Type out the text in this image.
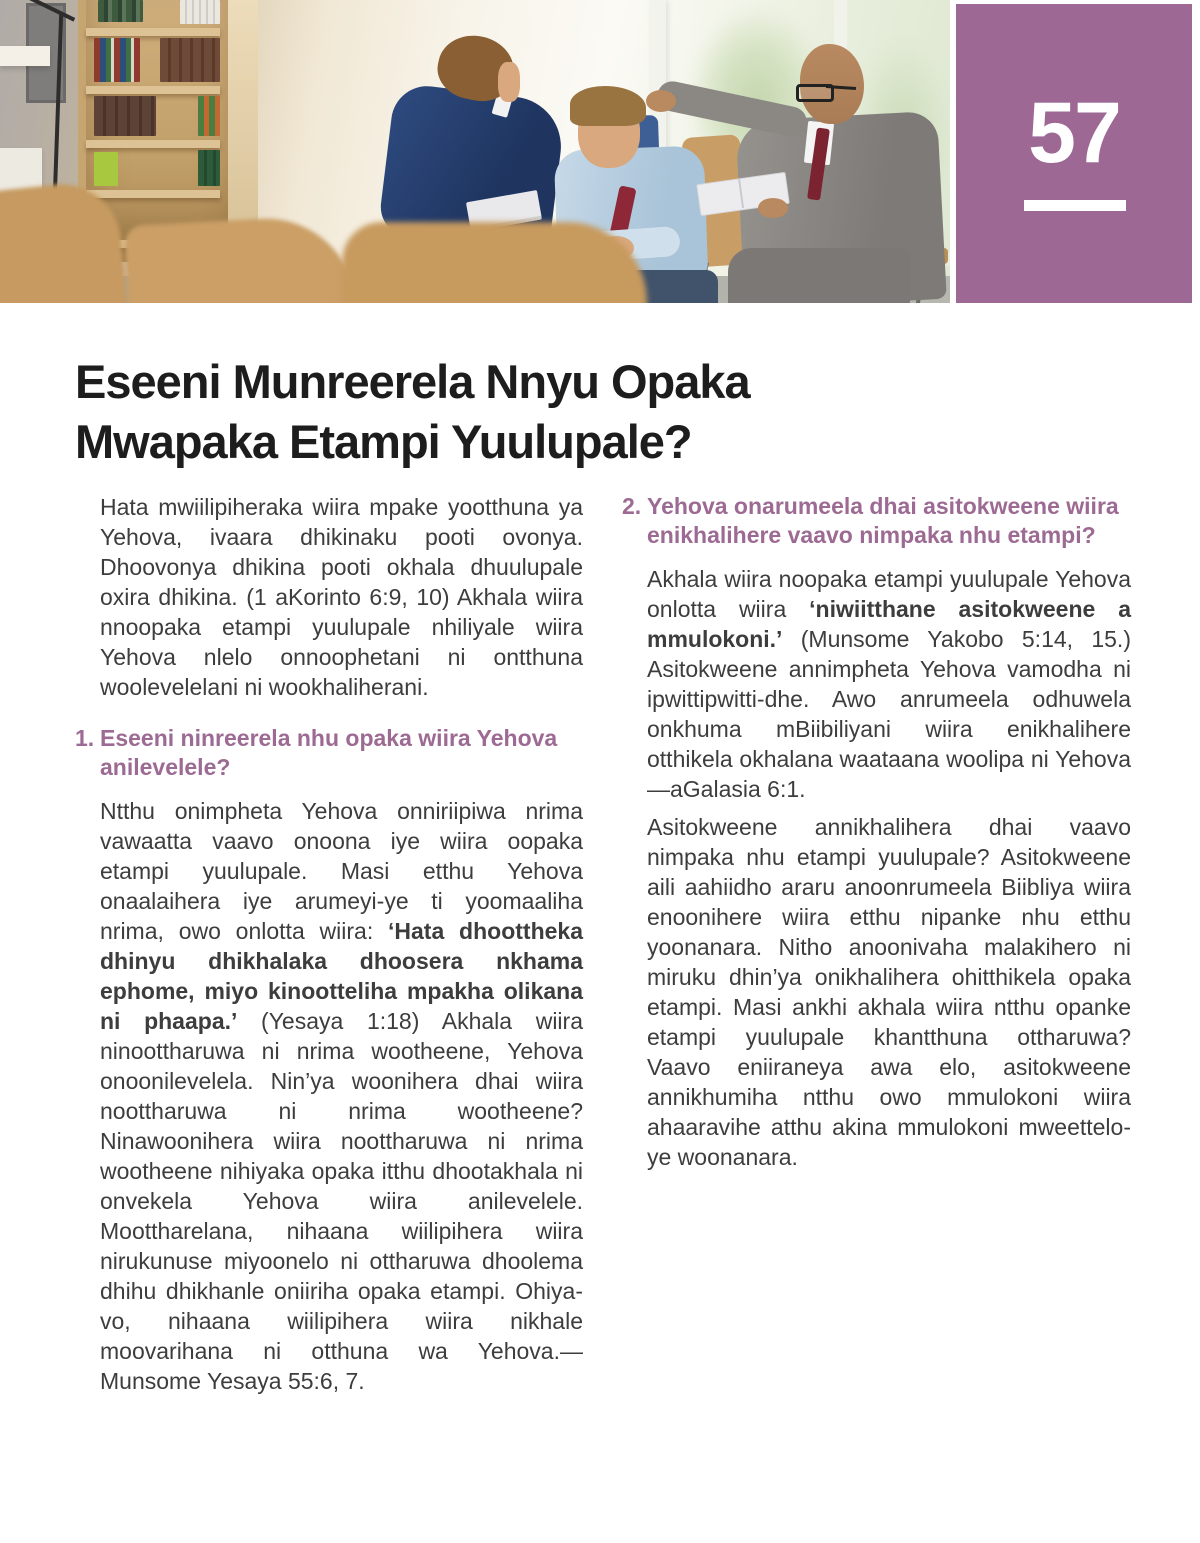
57
Eseeni Munreerela Nnyu Opaka
Mwapaka Etampi Yuulupale?

Hata mwiilipiheraka wiira mpake yootthuna ya Yehova, ivaara dhikinaku pooti ovonya. Dhoovonya dhikina pooti okhala dhuulupale oxira dhikina. (1 aKorinto 6:9, 10) Akhala wiira nnoopaka etampi yuulupale nhiliyale wiira Yehova nlelo onnoophetani ni ontthuna woolevelelani ni wookhaliherani.

1. Eseeni ninreerela nhu opaka wiira Yehova anilevelele?

Ntthu onimpheta Yehova onniriipiwa nrima vawaatta vaavo onoona iye wiira oopaka etampi yuulupale. Masi etthu Yehova onaalaihera iye arumeyi-ye ti yoomaaliha nrima, owo onlotta wiira: ‘Hata dhoottheka dhinyu dhikhalaka dhoosera nkhama ephome, miyo kinootteliha mpakha olikana ni phaapa.’ (Yesaya 1:18) Akhala wiira ninoottharuwa ni nrima wootheene, Yehova onoonilevelela. Nin’ya woonihera dhai wiira noottharuwa ni nrima wootheene? Ninawoonihera wiira noottharuwa ni nrima wootheene nihiyaka opaka itthu dhootakhala ni onvekela Yehova wiira anilevelele. Moottharelana, nihaana wiilipihera wiira nirukunuse miyoonelo ni ottharuwa dhoolema dhihu dhikhanle oniiriha opaka etampi. Ohiya-vo, nihaana wiilipihera wiira nikhale moovarihana ni otthuna wa Yehova.—Munsome Yesaya 55:6, 7.

2. Yehova onarumeela dhai asitokweene wiira enikhalihere vaavo nimpaka nhu etampi?

Akhala wiira noopaka etampi yuulupale Yehova onlotta wiira ‘niwiitthane asitokweene a mmulokoni.’ (Munsome Yakobo 5:14, 15.) Asitokweene annimpheta Yehova vamodha ni ipwittipwitti-dhe. Awo anrumeela odhuwela onkhuma mBiibiliyani wiira enikhalihere otthikela okhalana waataana woolipa ni Yehova—aGalasia 6:1.

Asitokweene annikhalihera dhai vaavo nimpaka nhu etampi yuulupale? Asitokweene aili aahiidho araru anoonrumeela Biibliya wiira enoonihere wiira etthu nipanke nhu etthu yoonanara. Nitho anoonivaha malakihero ni miruku dhin’ya onikhalihera ohitthikela opaka etampi. Masi ankhi akhala wiira ntthu opanke etampi yuulupale khantthuna ottharuwa? Vaavo eniiraneya awa elo, asitokweene annikhumiha ntthu owo mmulokoni wiira ahaaravihe atthu akina mmulokoni mweettelo-ye woonanara.
